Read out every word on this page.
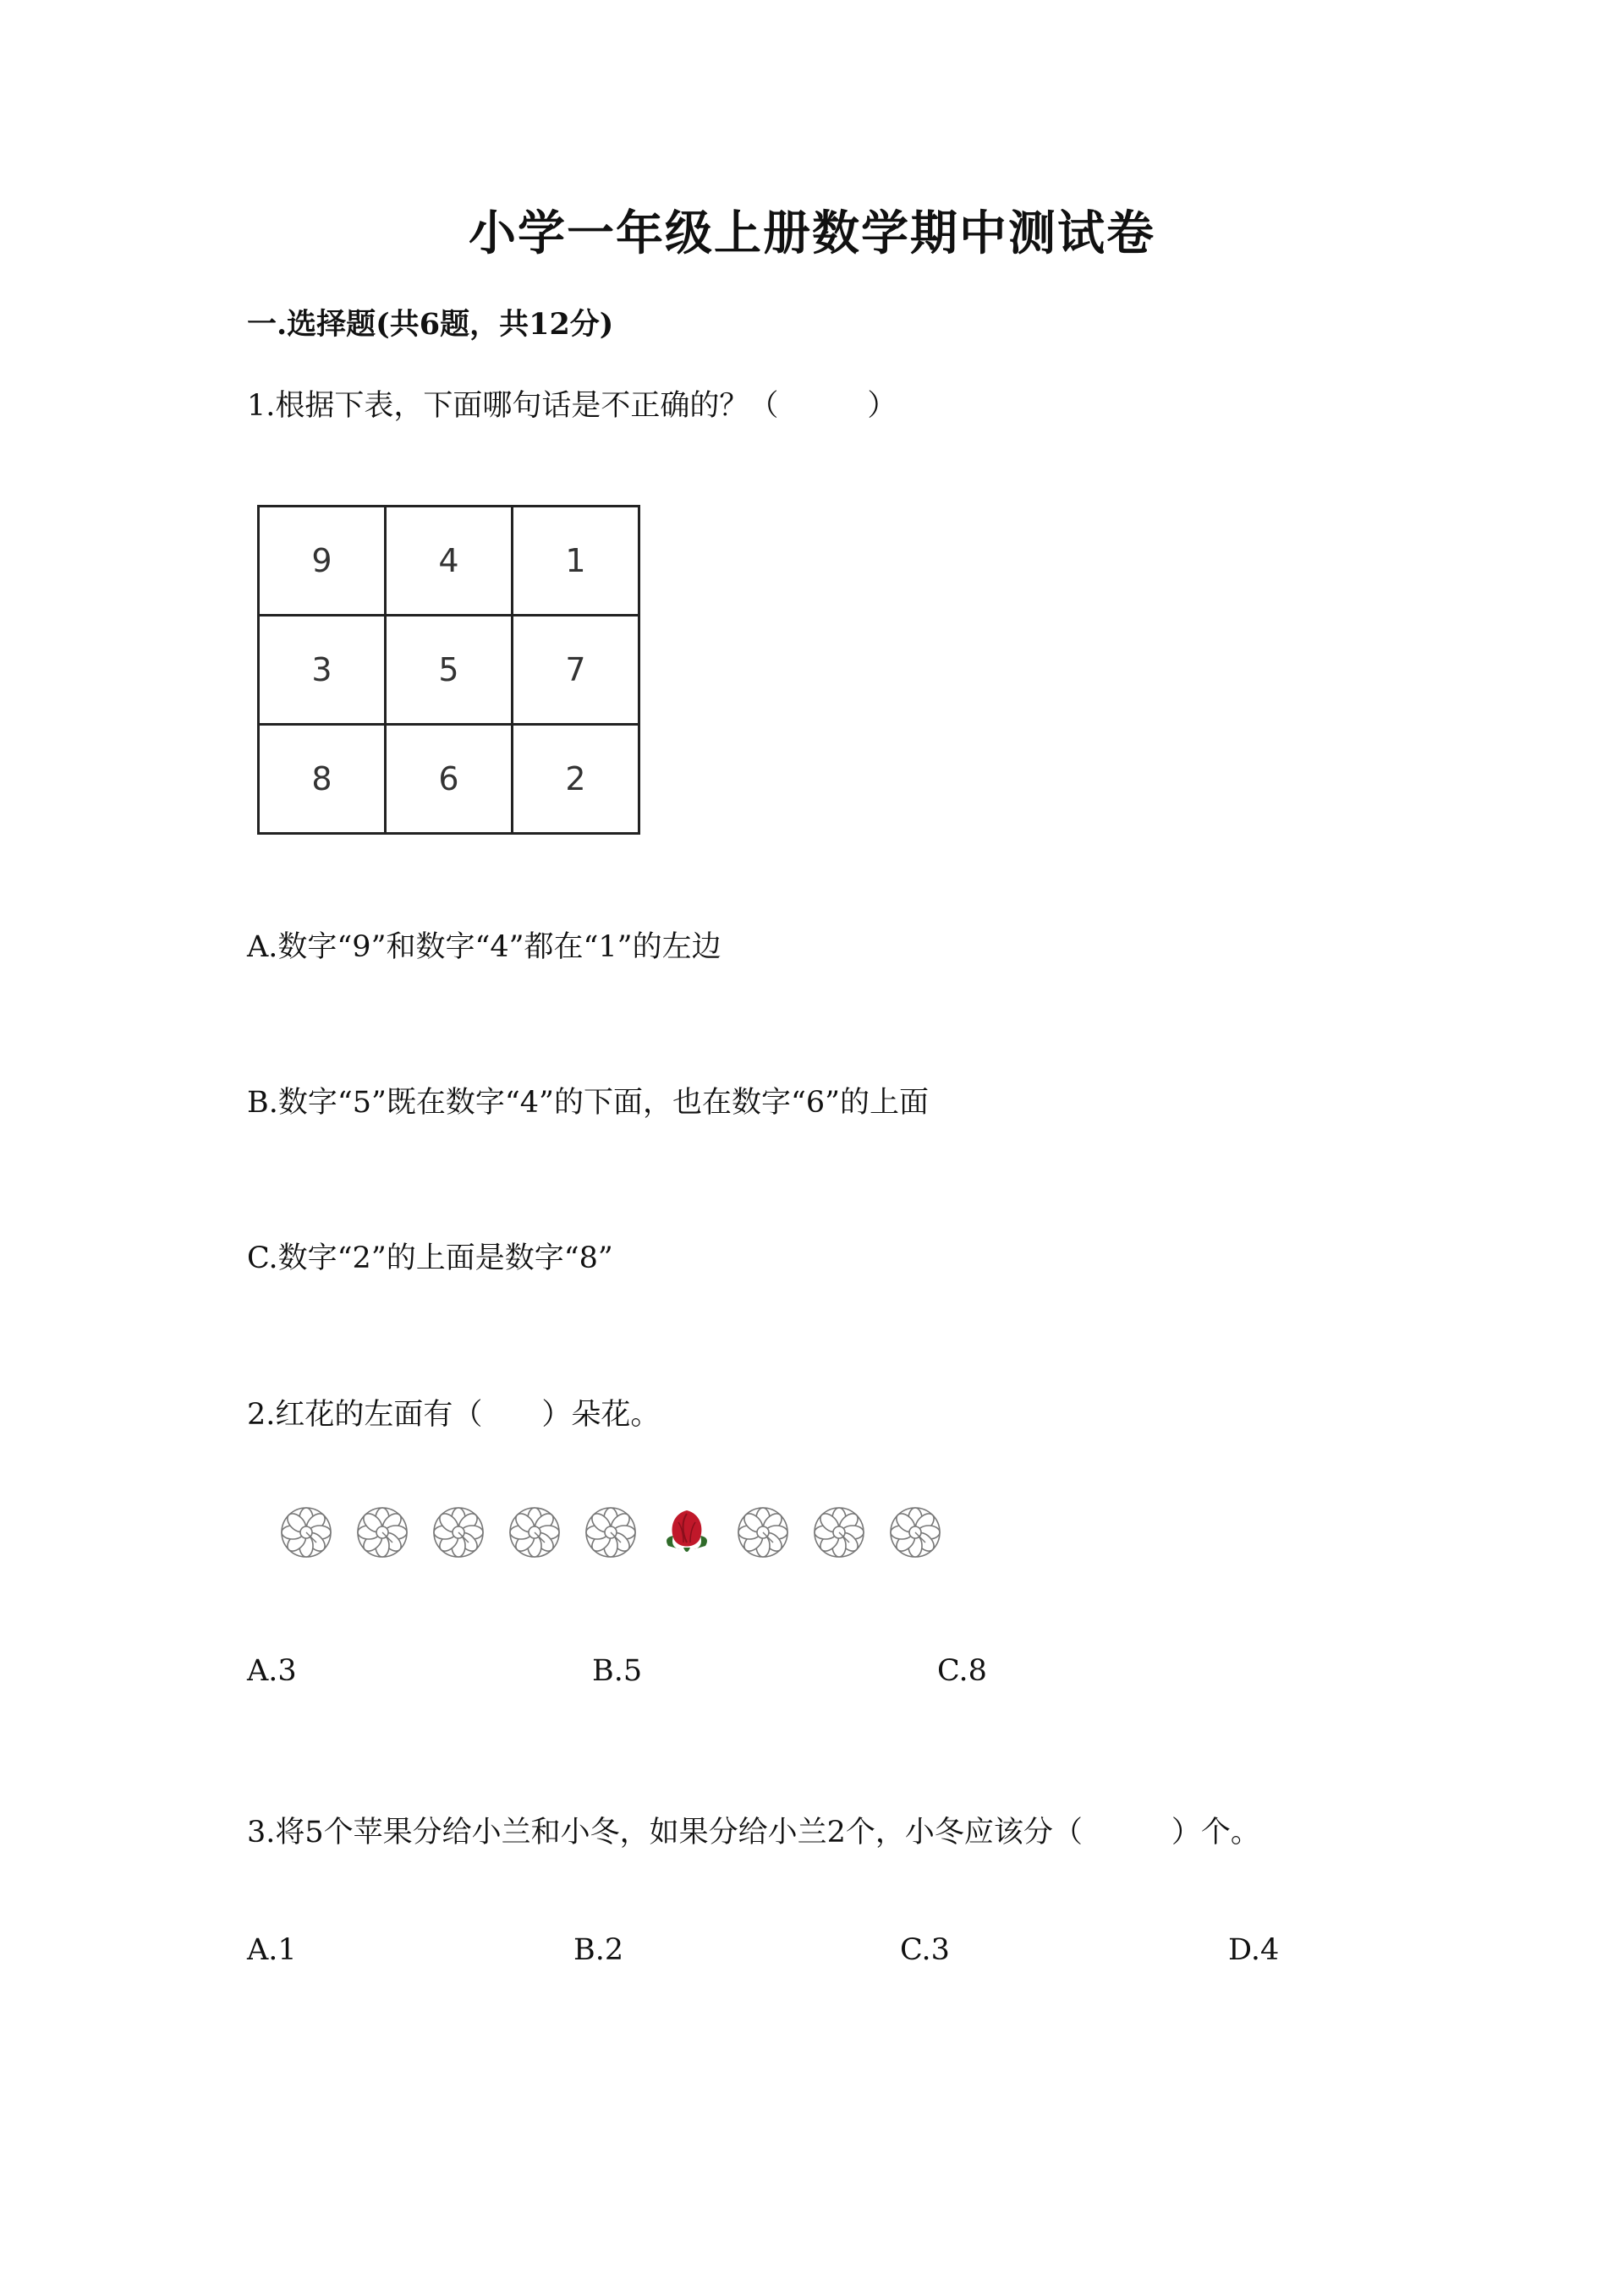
小学一年级上册数学期中测试卷
一.选择题(共6题，共12分)
1.根据下表，下面哪句话是不正确的？（　　　）
9	4	1
3	5	7
8	6	2
A.数字“9”和数字“4”都在“1”的左边
B.数字“5”既在数字“4”的下面，也在数字“6”的上面
C.数字“2”的上面是数字“8”
2.红花的左面有（　　）朵花。
A.3	B.5	C.8
3.将5个苹果分给小兰和小冬，如果分给小兰2个，小冬应该分（　　　）个。
A.1	B.2	C.3	D.4
